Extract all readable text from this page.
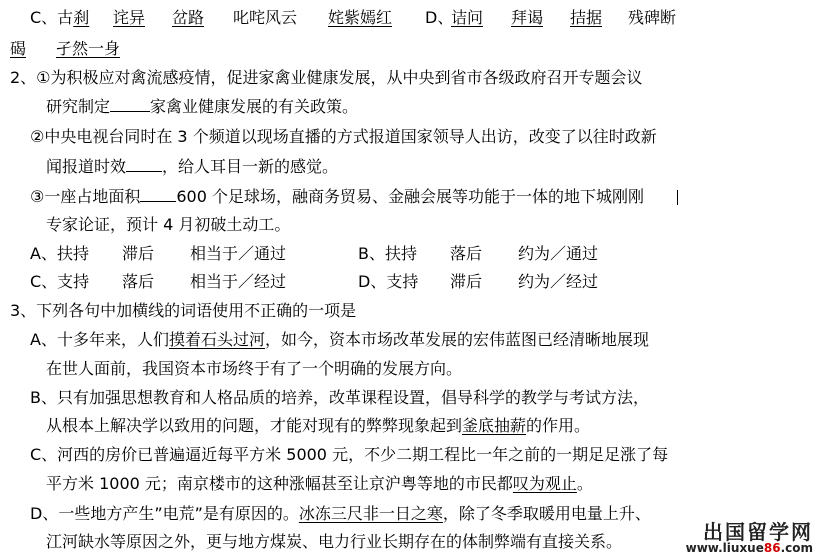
C、古刹 诧异 岔路 叱咤风云 姹紫嫣红 D、
诘问 拜谒 拮据 残碑断
碣 孑然一身
2、①为积极应对禽流感疫情，促进家禽业健康发展，从中央到省市各级政府召开专题会议
研究制定	家禽业健康发展的有关政策。
②中央电视台同时在 3 个频道以现场直播的方式报道国家领导人出访，改变了以往时政新
闻报道时效 ，给人耳目一新的感觉。
③一座占地面积 600 个足球场，融商务贸易、金融会展等功能于一体的地下城刚刚
专家论证，预计 4 月初破土动工。
A、扶持 滞后 相当于／通过	B、扶持 落后 约为／通过
C、支持 落后 相当于／经过	D、支持 滞后 约为／经过
3、下列各句中加横线的词语使用不正确的一项是
A、十多年来，人们摸着石头过河，如今，资本市场改革发展的宏伟蓝图已经清晰地展现
在世人面前，我国资本市场终于有了一个明确的发展方向。
B、只有加强思想教育和人格品质的培养，改革课程设置，倡导科学的教学与考试方法，
从根本上解决学以致用的问题，才能对现有的弊弊现象起到釜底抽薪的作用。
C、河西的房价已普遍逼近每平方米 5000 元，不少二期工程比一年之前的一期足足涨了每
平方米 1000 元；南京楼市的这种涨幅甚至让京沪粤等地的市民都叹为观止。
D、一些地方产生”电荒”是有原因的。冰冻三尺非一日之寒，除了冬季取暖用电量上升、
江河缺水等原因之外，更与地方煤炭、电力行业长期存在的体制弊端有直接关系。	出国留学网
www.liuxue86.com
